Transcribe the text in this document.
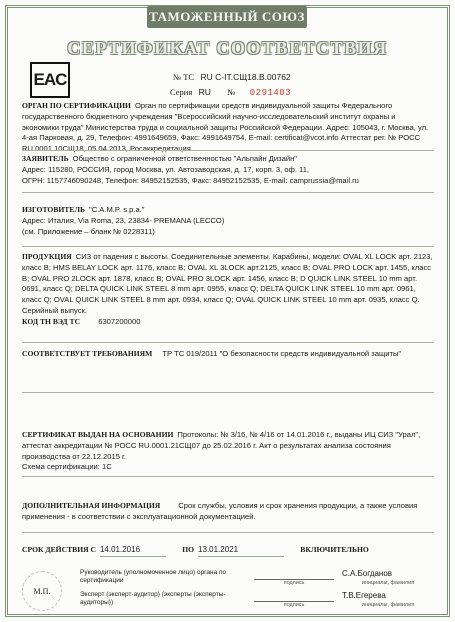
ТАМОЖЕННЫЙ СОЮЗ
СЕРТИФИКАТ СООТВЕТСТВИЯ
EAC	№ ТС RU C-IT.СЩ18.В.00762
Серия RU № 0291403
ОРГАН ПО СЕРТИФИКАЦИИ Орган по сертификации средств индивидуальной защиты Федерального государственного бюджетного учреждения "Всероссийский научно-исследовательский институт охраны и экономики труда" Министерства труда и социальной защиты Российской Федерации. Адрес: 105043, г. Москва, ул. 4-ая Парковая, д. 29, Телефон: 4991649659, Факс: 4991649754, E-mail: certificat@vcot.info Аттестат рег. № РОСС RU.0001.10СЩ18, 05.04.2013, Росаккредитация.
ЗАЯВИТЕЛЬ Общество с ограниченной ответственностью "Альпайн Дизайн"
Адрес: 115280, РОССИЯ, город Москва, ул. Автозаводская, д. 17, корп. 3, оф. 11,
ОГРН: 1157746090248, Телефон: 84952152535, Факс: 84952152535, E-mail: camprussia@mail.ru
ИЗГОТОВИТЕЛЬ "C.A.M.P. s.p.a."
Адрес: Италия, Via Roma, 23, 23834- PREMANA (LECCO)
(см. Приложение – бланк № 0228311)
ПРОДУКЦИЯ СИЗ от падения с высоты. Соединительные элементы. Карабины, модели: OVAL XL LOCK арт. 2123, класс B; HMS BELAY LOCK арт. 1176, класс B; OVAL XL 3LOCK арт.2125, класс B; OVAL PRO LOCK арт. 1455, класс B; OVAL PRO 2LOCK арт. 1878, класс B; OVAL PRO 3LOCK арт. 1456, класс B; D QUICK LINK STEEL 10 mm арт. 0691, класс Q; DELTA QUICK LINK STEEL 8 mm арт. 0955, класс Q; DELTA QUICK LINK STEEL 10 mm арт. 0961, класс Q; OVAL QUICK LINK STEEL 8 mm арт. 0934, класс Q; OVAL QUICK LINK STEEL 10 mm арт. 0935, класс Q. Серийный выпуск.
КОД ТН ВЭД ТС 6307200000
СООТВЕТСТВУЕТ ТРЕБОВАНИЯМ ТР ТС 019/2011 "О безопасности средств индивидуальной защиты"
СЕРТИФИКАТ ВЫДАН НА ОСНОВАНИИ Протоколы: № 3/16, № 4/16 от 14.01.2016 г., выданы ИЦ СИЗ "Урал", аттестат аккредитации № РОСС RU.0001.21СЩ07 до 25.02.2016 г. Акт о результатах анализа состояния производства от 22.12.2015 г.
Схема сертификации: 1С
ДОПОЛНИТЕЛЬНАЯ ИНФОРМАЦИЯ Срок службы, условия и срок хранения продукции, а также условия применения - в соответствии с эксплуатационной документацией.
СРОК ДЕЙСТВИЯ С 14.01.2016	ПО 13.01.2021	ВКЛЮЧИТЕЛЬНО
М.П.
Руководитель (уполномоченное лицо) органа по сертификации	подпись
С.А.Богданов
инициалы, фамилия
Эксперт (эксперт-аудитор) (эксперты (эксперты-аудиторы))	подпись
Т.В.Егерева
инициалы, фамилия
